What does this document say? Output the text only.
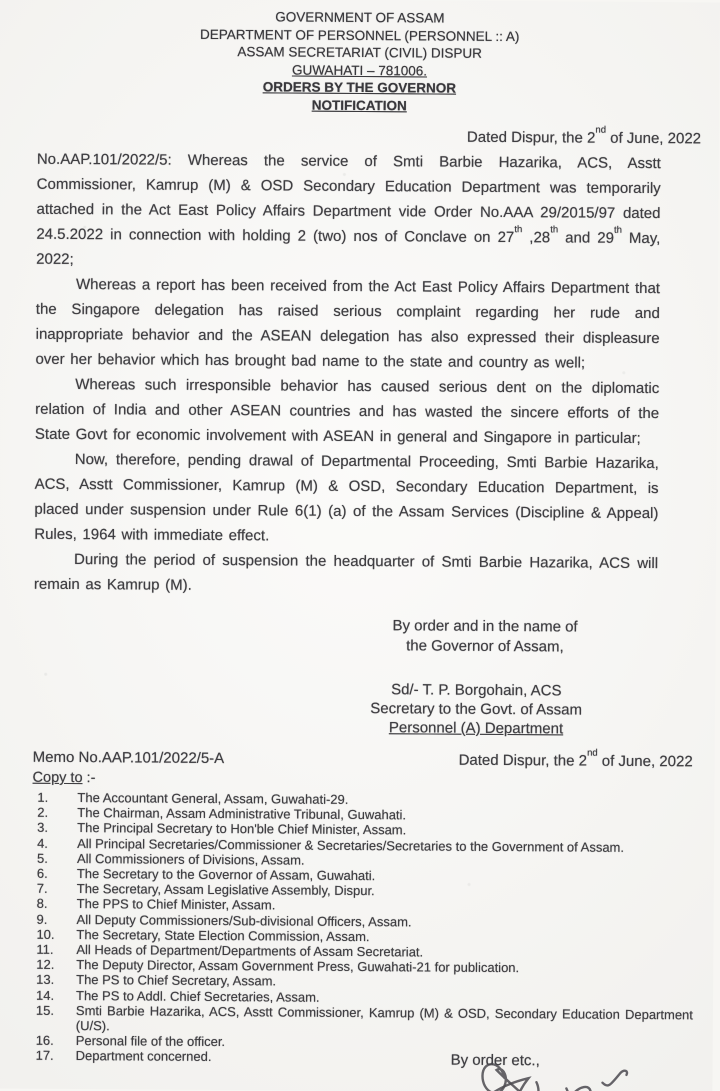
GOVERNMENT OF ASSAM
DEPARTMENT OF PERSONNEL (PERSONNEL :: A)
ASSAM SECRETARIAT (CIVIL) DISPUR
GUWAHATI – 781006.
ORDERS BY THE GOVERNOR
NOTIFICATION
Dated Dispur, the 2nd of June, 2022

No.AAP.101/2022/5: Whereas the service of Smti Barbie Hazarika, ACS, Asstt Commissioner, Kamrup (M) & OSD Secondary Education Department was temporarily attached in the Act East Policy Affairs Department vide Order No.AAA 29/2015/97 dated 24.5.2022 in connection with holding 2 (two) nos of Conclave on 27th ,28th and 29th May, 2022;

Whereas a report has been received from the Act East Policy Affairs Department that the Singapore delegation has raised serious complaint regarding her rude and inappropriate behavior and the ASEAN delegation has also expressed their displeasure over her behavior which has brought bad name to the state and country as well;

Whereas such irresponsible behavior has caused serious dent on the diplomatic relation of India and other ASEAN countries and has wasted the sincere efforts of the State Govt for economic involvement with ASEAN in general and Singapore in particular;

Now, therefore, pending drawal of Departmental Proceeding, Smti Barbie Hazarika, ACS, Asstt Commissioner, Kamrup (M) & OSD, Secondary Education Department, is placed under suspension under Rule 6(1) (a) of the Assam Services (Discipline & Appeal) Rules, 1964 with immediate effect.

During the period of suspension the headquarter of Smti Barbie Hazarika, ACS will remain as Kamrup (M).

By order and in the name of
the Governor of Assam,
Sd/- T. P. Borgohain, ACS
Secretary to the Govt. of Assam
Personnel (A) Department
Memo No.AAP.101/2022/5-A	Dated Dispur, the 2nd of June, 2022
Copy to :-
The Accountant General, Assam, Guwahati-29.
The Chairman, Assam Administrative Tribunal, Guwahati.
The Principal Secretary to Hon'ble Chief Minister, Assam.
All Principal Secretaries/Commissioner & Secretaries/Secretaries to the Government of Assam.
All Commissioners of Divisions, Assam.
The Secretary to the Governor of Assam, Guwahati.
The Secretary, Assam Legislative Assembly, Dispur.
The PPS to Chief Minister, Assam.
All Deputy Commissioners/Sub-divisional Officers, Assam.
The Secretary, State Election Commission, Assam.
All Heads of Department/Departments of Assam Secretariat.
The Deputy Director, Assam Government Press, Guwahati-21 for publication.
The PS to Chief Secretary, Assam.
The PS to Addl. Chief Secretaries, Assam.
Smti Barbie Hazarika, ACS, Asstt Commissioner, Kamrup (M) & OSD, Secondary Education Department (U/S).
Personal file of the officer.
Department concerned.	By order etc.,
